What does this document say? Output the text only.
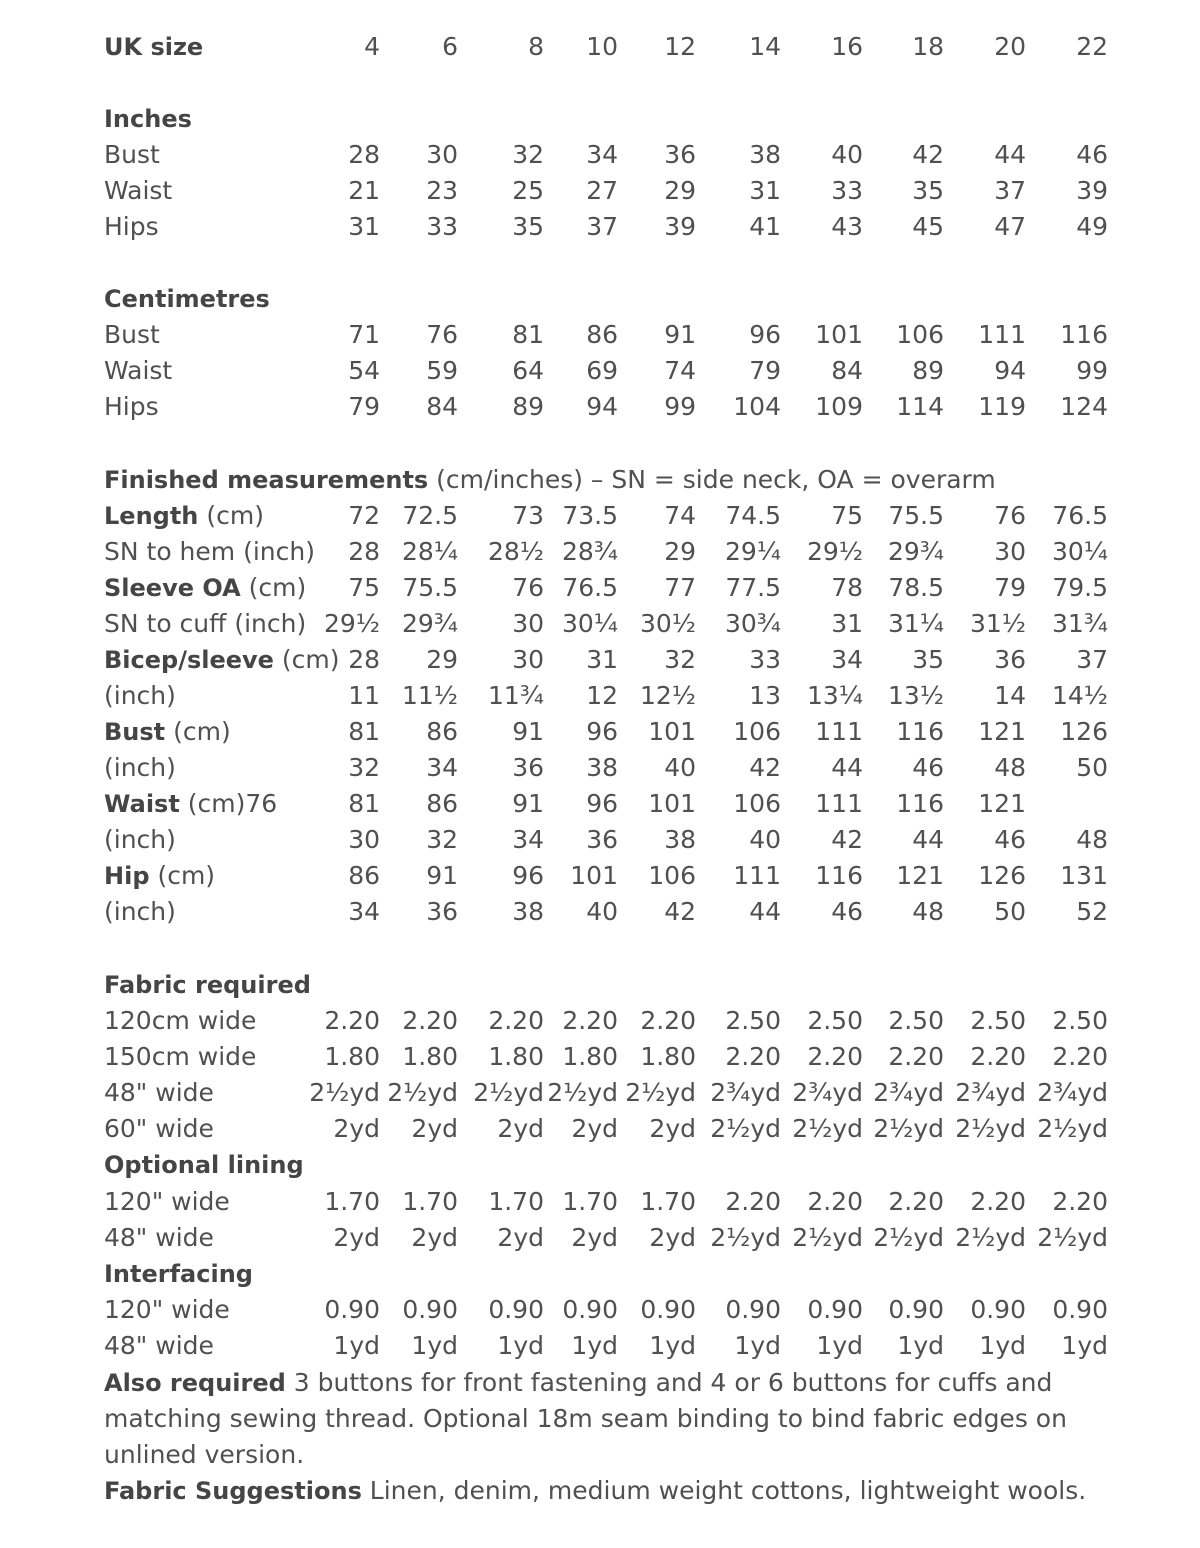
UK size	4 6	8 10 12 14 16 18 20 22
Inches
Bust	28 30 32 34 36 38 40 42 44 46
Waist	21 23 25 27 29 31 33 35 37 39
Hips	31 33 35 37 39 41 43 45 47 49
Centimetres
Bust	71 76 81 86 91 96 101 106 111 116
Waist	54 59 64 69 74 79 84 89 94 99
Hips	79 84 89 94 99 104 109 114 119 124
Finished measurements (cm/inches) – SN = side neck, OA = overarm
Length (cm)	72 72.5 73 73.5 74 74.5 75 75.5 76 76.5
SN to hem (inch) 28 28¼ 28½ 28¾ 29 29¼ 29½ 29¾ 30 30¼
Sleeve OA (cm) 75 75.5 76 76.5 77 77.5 78 78.5 79 79.5
SN to cuff (inch) 29½ 29¾ 30 30¼ 30½ 30¾ 31 31¼ 31½ 31¾
Bicep/sleeve (cm) 28 29 30 31 32 33 34 35 36 37
(inch)	11 11½ 11¾ 12 12½ 13 13¼ 13½ 14 14½
Bust (cm)	81 86 91 96 101 106 111 116 121 126
(inch)	32 34 36 38 40 42 44 46 48 50
Waist (cm)76	81 86 91 96 101 106 111 116 121
(inch)	30 32 34 36 38 40 42 44 46 48
Hip (cm)	86 91 96 101 106 111 116 121 126 131
(inch)	34 36 38 40 42 44 46 48 50 52
Fabric required
120cm wide	2.20 2.20 2.20 2.20 2.20 2.50 2.50 2.50 2.50 2.50
150cm wide	1.80 1.80 1.80 1.80 1.80 2.20 2.20 2.20 2.20 2.20
48" wide	2½yd 2½yd 2½yd 2½yd 2½yd 2¾yd 2¾yd 2¾yd 2¾yd 2¾yd
60" wide	2yd 2yd 2yd 2yd 2yd 2½yd 2½yd 2½yd 2½yd 2½yd
Optional lining
120" wide	1.70 1.70 1.70 1.70 1.70 2.20 2.20 2.20 2.20 2.20
48" wide	2yd 2yd 2yd 2yd 2yd 2½yd 2½yd 2½yd 2½yd 2½yd
Interfacing
120" wide	0.90 0.90 0.90 0.90 0.90 0.90 0.90 0.90 0.90 0.90
48" wide	1yd 1yd 1yd 1yd 1yd 1yd 1yd 1yd 1yd 1yd
Also required 3 buttons for front fastening and 4 or 6 buttons for cuffs and matching sewing thread. Optional 18m seam binding to bind fabric edges on unlined version.
Fabric Suggestions Linen, denim, medium weight cottons, lightweight wools.
